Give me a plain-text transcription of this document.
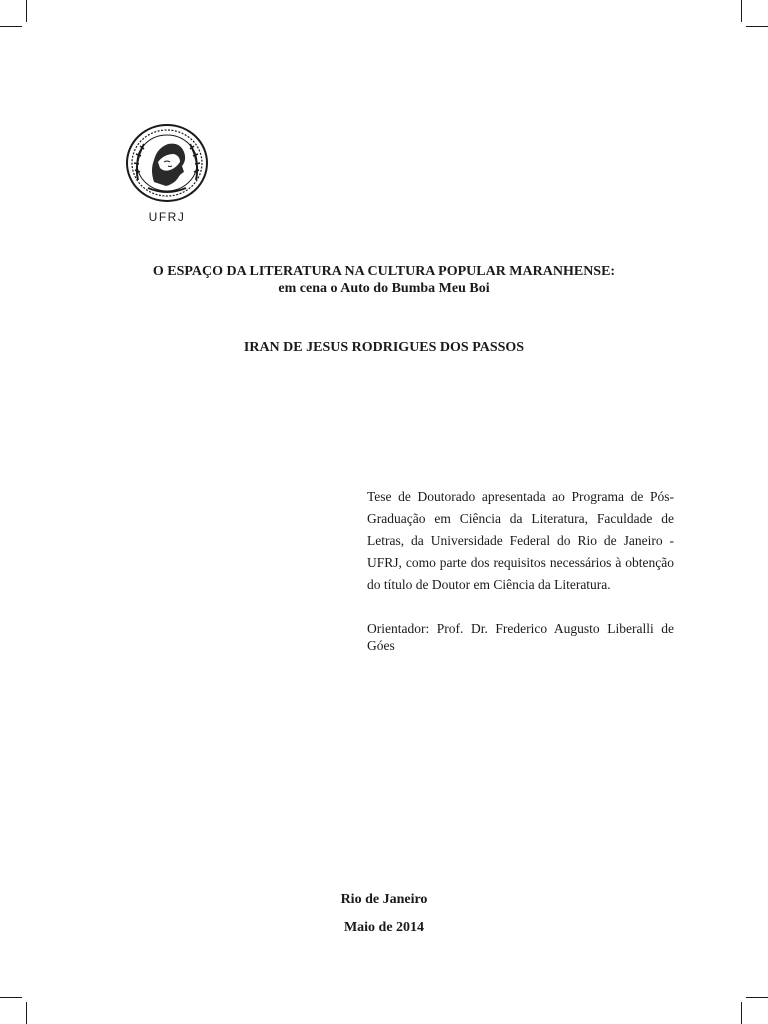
UFRJ
O ESPAÇO DA LITERATURA NA CULTURA POPULAR MARANHENSE:
em cena o Auto do Bumba Meu Boi
IRAN DE JESUS RODRIGUES DOS PASSOS
Tese de Doutorado apresentada ao Programa de Pós-Graduação em Ciência da Literatura, Faculdade de Letras, da Universidade Federal do Rio de Janeiro - UFRJ, como parte dos requisitos necessários à obtenção do título de Doutor em Ciência da Literatura.
Orientador: Prof. Dr. Frederico Augusto Liberalli de Góes
Rio de Janeiro
Maio de 2014
